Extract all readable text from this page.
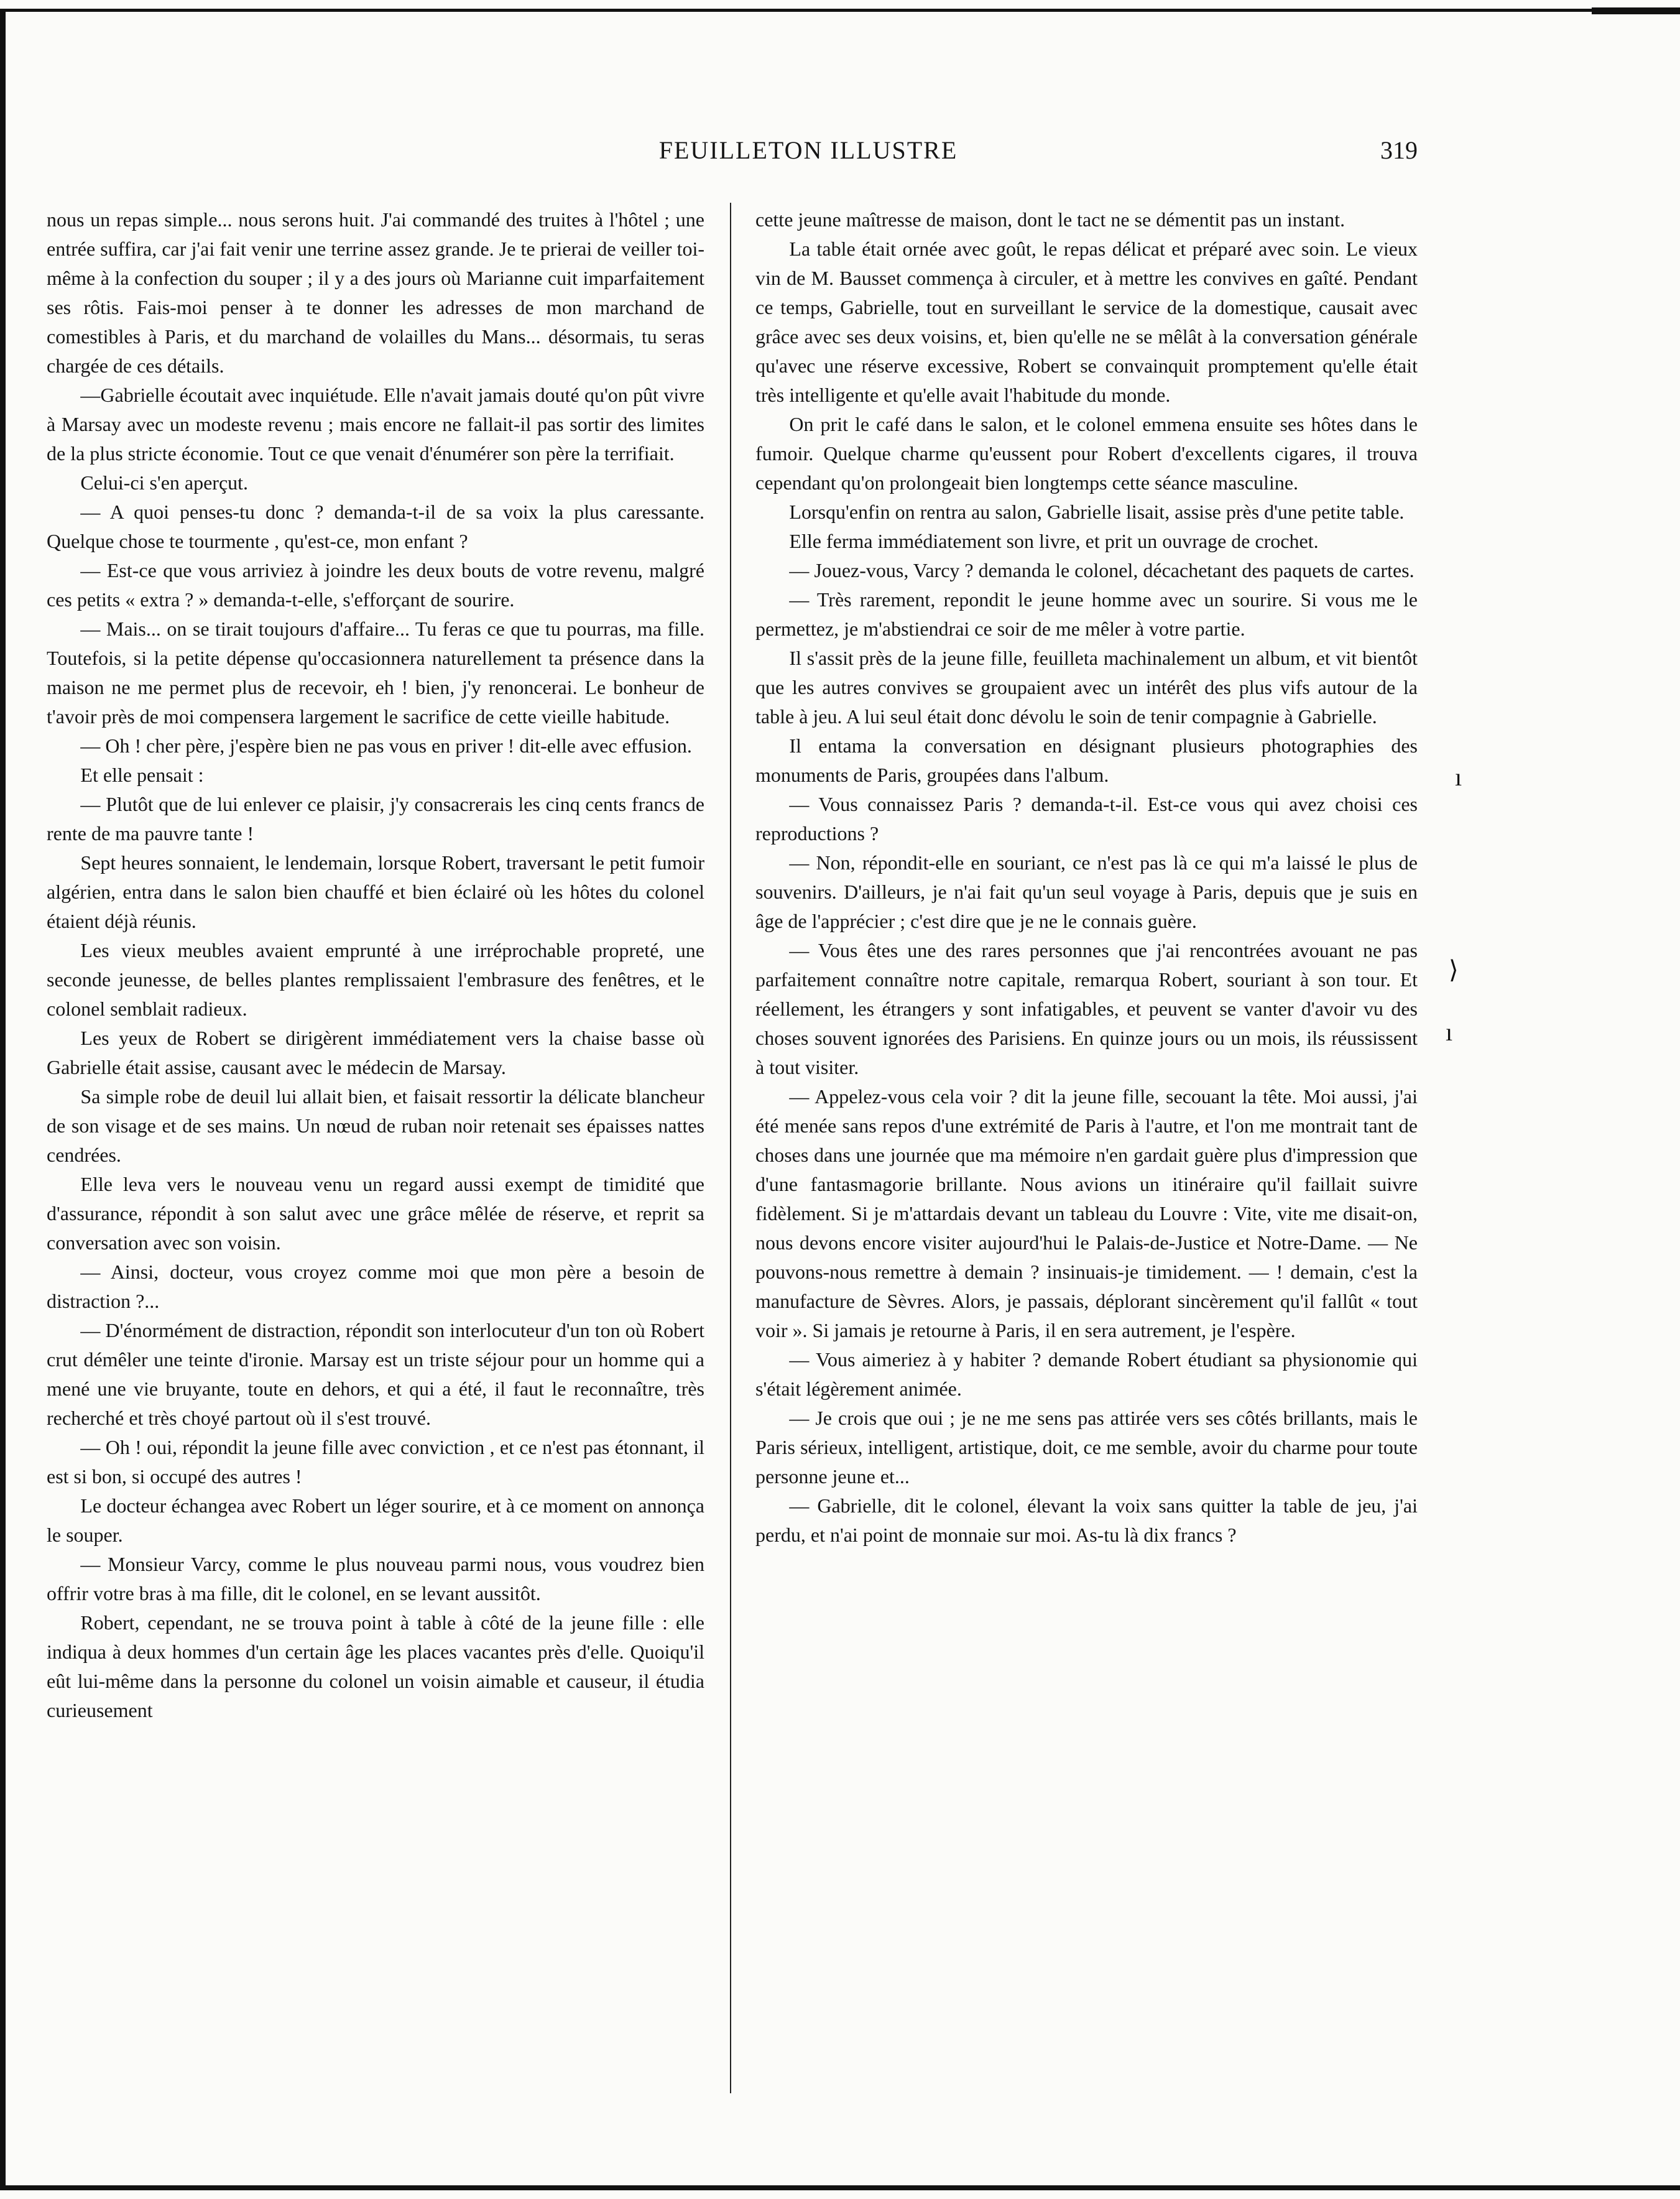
FEUILLETON ILLUSTRE	319

nous un repas simple... nous serons huit. J'ai commandé des truites à l'hôtel ; une entrée suffira, car j'ai fait venir une terrine assez grande. Je te prierai de veiller toi-même à la confection du souper ; il y a des jours où Marianne cuit imparfaitement ses rôtis. Fais-moi penser à te donner les adresses de mon marchand de comestibles à Paris, et du marchand de volailles du Mans... désormais, tu seras chargée de ces détails.

—Gabrielle écoutait avec inquiétude. Elle n'avait jamais douté qu'on pût vivre à Marsay avec un modeste revenu ; mais encore ne fallait-il pas sortir des limites de la plus stricte économie. Tout ce que venait d'énumérer son père la terrifiait.

Celui-ci s'en aperçut.

— A quoi penses-tu donc ? demanda-t-il de sa voix la plus caressante. Quelque chose te tourmente , qu'est-ce, mon enfant ?

— Est-ce que vous arriviez à joindre les deux bouts de votre revenu, malgré ces petits « extra ? » demanda-t-elle, s'efforçant de sourire.

— Mais... on se tirait toujours d'affaire... Tu feras ce que tu pourras, ma fille. Toutefois, si la petite dépense qu'occasionnera naturellement ta présence dans la maison ne me permet plus de recevoir, eh ! bien, j'y renoncerai. Le bonheur de t'avoir près de moi compensera largement le sacrifice de cette vieille habitude.

— Oh ! cher père, j'espère bien ne pas vous en priver ! dit-elle avec effusion.

Et elle pensait :

— Plutôt que de lui enlever ce plaisir, j'y consacrerais les cinq cents francs de rente de ma pauvre tante !

Sept heures sonnaient, le lendemain, lorsque Robert, traversant le petit fumoir algérien, entra dans le salon bien chauffé et bien éclairé où les hôtes du colonel étaient déjà réunis.

Les vieux meubles avaient emprunté à une irréprochable propreté, une seconde jeunesse, de belles plantes remplissaient l'embrasure des fenêtres, et le colonel semblait radieux.

Les yeux de Robert se dirigèrent immédiatement vers la chaise basse où Gabrielle était assise, causant avec le médecin de Marsay.

Sa simple robe de deuil lui allait bien, et faisait ressortir la délicate blancheur de son visage et de ses mains. Un nœud de ruban noir retenait ses épaisses nattes cendrées.

Elle leva vers le nouveau venu un regard aussi exempt de timidité que d'assurance, répondit à son salut avec une grâce mêlée de réserve, et reprit sa conversation avec son voisin.

— Ainsi, docteur, vous croyez comme moi que mon père a besoin de distraction ?...

— D'énormément de distraction, répondit son interlocuteur d'un ton où Robert crut démêler une teinte d'ironie. Marsay est un triste séjour pour un homme qui a mené une vie bruyante, toute en dehors, et qui a été, il faut le reconnaître, très recherché et très choyé partout où il s'est trouvé.

— Oh ! oui, répondit la jeune fille avec conviction , et ce n'est pas étonnant, il est si bon, si occupé des autres !

Le docteur échangea avec Robert un léger sourire, et à ce moment on annonça le souper.

— Monsieur Varcy, comme le plus nouveau parmi nous, vous voudrez bien offrir votre bras à ma fille, dit le colonel, en se levant aussitôt.

Robert, cependant, ne se trouva point à table à côté de la jeune fille : elle indiqua à deux hommes d'un certain âge les places vacantes près d'elle. Quoiqu'il eût lui-même dans la personne du colonel un voisin aimable et causeur, il étudia curieusement

cette jeune maîtresse de maison, dont le tact ne se démentit pas un instant.

La table était ornée avec goût, le repas délicat et préparé avec soin. Le vieux vin de M. Bausset commença à circuler, et à mettre les convives en gaîté. Pendant ce temps, Gabrielle, tout en surveillant le service de la domestique, causait avec grâce avec ses deux voisins, et, bien qu'elle ne se mêlât à la conversation générale qu'avec une réserve excessive, Robert se convainquit promptement qu'elle était très intelligente et qu'elle avait l'habitude du monde.

On prit le café dans le salon, et le colonel emmena ensuite ses hôtes dans le fumoir. Quelque charme qu'eussent pour Robert d'excellents cigares, il trouva cependant qu'on prolongeait bien longtemps cette séance masculine.

Lorsqu'enfin on rentra au salon, Gabrielle lisait, assise près d'une petite table.

Elle ferma immédiatement son livre, et prit un ouvrage de crochet.

— Jouez-vous, Varcy ? demanda le colonel, décachetant des paquets de cartes.

— Très rarement, repondit le jeune homme avec un sourire. Si vous me le permettez, je m'abstiendrai ce soir de me mêler à votre partie.

Il s'assit près de la jeune fille, feuilleta machinalement un album, et vit bientôt que les autres convives se groupaient avec un intérêt des plus vifs autour de la table à jeu. A lui seul était donc dévolu le soin de tenir compagnie à Gabrielle.

Il entama la conversation en désignant plusieurs photographies des monuments de Paris, groupées dans l'album.

— Vous connaissez Paris ? demanda-t-il. Est-ce vous qui avez choisi ces reproductions ?

— Non, répondit-elle en souriant, ce n'est pas là ce qui m'a laissé le plus de souvenirs. D'ailleurs, je n'ai fait qu'un seul voyage à Paris, depuis que je suis en âge de l'apprécier ; c'est dire que je ne le connais guère.

— Vous êtes une des rares personnes que j'ai rencontrées avouant ne pas parfaitement connaître notre capitale, remarqua Robert, souriant à son tour. Et réellement, les étrangers y sont infatigables, et peuvent se vanter d'avoir vu des choses souvent ignorées des Parisiens. En quinze jours ou un mois, ils réussissent à tout visiter.

— Appelez-vous cela voir ? dit la jeune fille, secouant la tête. Moi aussi, j'ai été menée sans repos d'une extrémité de Paris à l'autre, et l'on me montrait tant de choses dans une journée que ma mémoire n'en gardait guère plus d'impression que d'une fantasmagorie brillante. Nous avions un itinéraire qu'il faillait suivre fidèlement. Si je m'attardais devant un tableau du Louvre : Vite, vite me disait-on, nous devons encore visiter aujourd'hui le Palais-de-Justice et Notre-Dame. — Ne pouvons-nous remettre à demain ? insinuais-je timidement. — ! demain, c'est la manufacture de Sèvres. Alors, je passais, déplorant sincèrement qu'il fallût « tout voir ». Si jamais je retourne à Paris, il en sera autrement, je l'espère.

— Vous aimeriez à y habiter ? demande Robert étudiant sa physionomie qui s'était légèrement animée.

— Je crois que oui ; je ne me sens pas attirée vers ses côtés brillants, mais le Paris sérieux, intelligent, artistique, doit, ce me semble, avoir du charme pour toute personne jeune et...

— Gabrielle, dit le colonel, élevant la voix sans quitter la table de jeu, j'ai perdu, et n'ai point de monnaie sur moi. As-tu là dix francs ?

ı
⟩
ı
